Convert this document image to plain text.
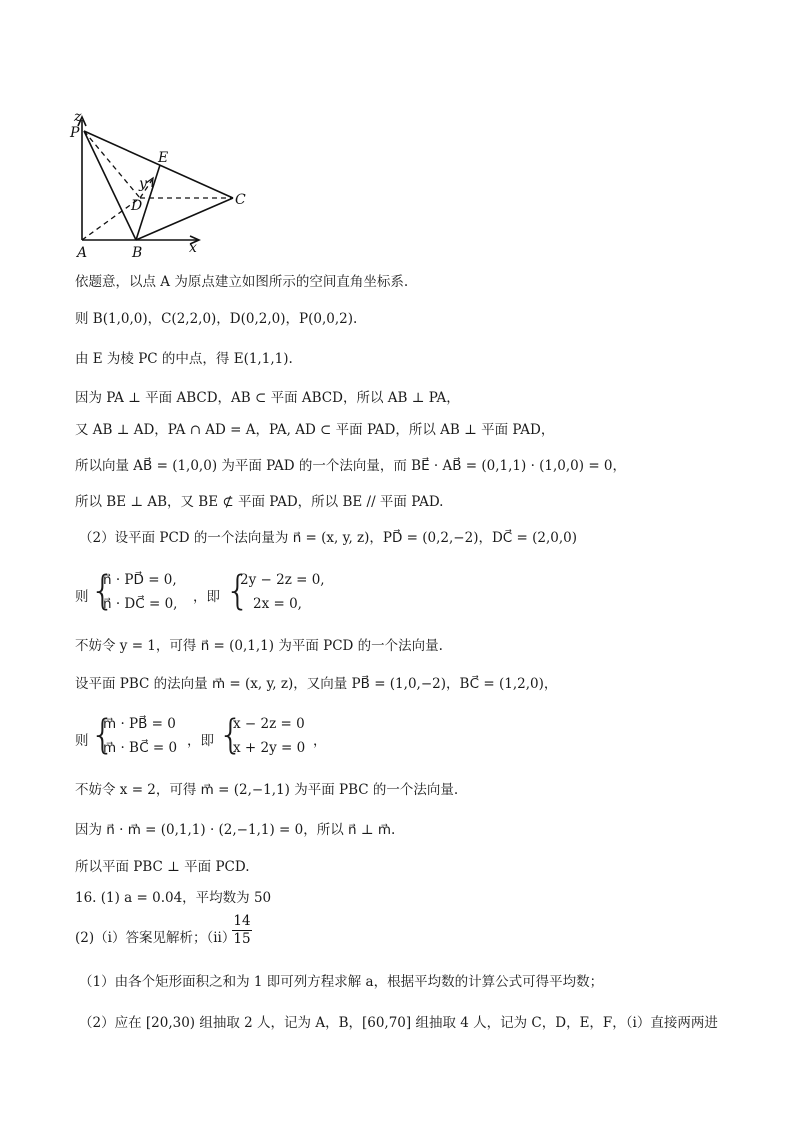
z
P
E
y
D	C
A	B	x
依题意，以点 A 为原点建立如图所示的空间直角坐标系.
则 B(1,0,0)，C(2,2,0)，D(0,2,0)，P(0,0,2).
由 E 为棱 PC 的中点，得 E(1,1,1).
因为 PA ⊥ 平面 ABCD，AB ⊂ 平面 ABCD，所以 AB ⊥ PA，
又 AB ⊥ AD，PA ∩ AD = A，PA, AD ⊂ 平面 PAD，所以 AB ⊥ 平面 PAD，
所以向量 AB⃗ = (1,0,0) 为平面 PAD 的一个法向量，而 BE⃗ · AB⃗ = (0,1,1) · (1,0,0) = 0，
所以 BE ⊥ AB，又 BE ⊄ 平面 PAD，所以 BE // 平面 PAD.
（2）设平面 PCD 的一个法向量为 n⃗ = (x, y, z)，PD⃗ = (0,2,−2)，DC⃗ = (2,0,0)
则 {
n⃗ · PD⃗ = 0,
n⃗ · DC⃗ = 0, ，即 {
2y − 2z = 0,
2x = 0,
不妨令 y = 1，可得 n⃗ = (0,1,1) 为平面 PCD 的一个法向量.
设平面 PBC 的法向量 m⃗ = (x, y, z)，又向量 PB⃗ = (1,0,−2)，BC⃗ = (1,2,0)，
则 {
m⃗ · PB⃗ = 0
m⃗ · BC⃗ = 0 ，即 {
x − 2z = 0
x + 2y = 0 ，
不妨令 x = 2，可得 m⃗ = (2,−1,1) 为平面 PBC 的一个法向量.
因为 n⃗ · m⃗ = (0,1,1) · (2,−1,1) = 0，所以 n⃗ ⊥ m⃗.
所以平面 PBC ⊥ 平面 PCD.
16. (1) a = 0.04，平均数为 50
(2)（i）答案见解析；（ii）
$\frac{14}{15}$
（1）由各个矩形面积之和为 1 即可列方程求解 a，根据平均数的计算公式可得平均数；
（2）应在 [20,30) 组抽取 2 人，记为 A，B，[60,70] 组抽取 4 人，记为 C，D，E，F，（i）直接两两进
